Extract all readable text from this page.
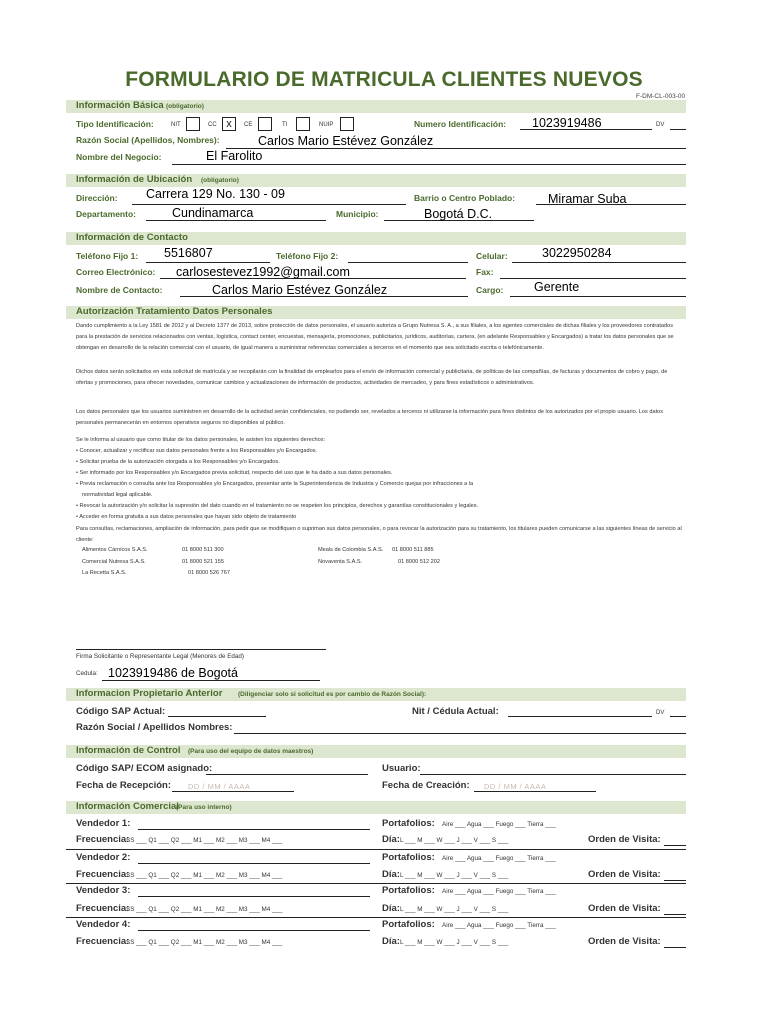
FORMULARIO DE MATRICULA CLIENTES NUEVOS
F-DM-CL-003-00
Información Básica (obligatorio)
Tipo Identificación:	NIT	CC x	CE	TI	NUIP	Numero Identificación: 1023919486	DV
Razón Social (Apellidos, Nombres):	Carlos Mario Estévez González
Nombre del Negocio:	El Farolito
Información de Ubicación (obligatorio)
Dirección: Carrera 129 No. 130 - 09	Barrio o Centro Poblado:	Miramar Suba
Departamento:	Cundinamarca	Municipio:	Bogotá D.C.
Información de Contacto
Teléfono Fijo 1: 5516807	Teléfono Fijo 2:	Celular:	3022950284
Correo Electrónico: carlosestevez1992@gmail.com	Fax:
Nombre de Contacto:	Carlos Mario Estévez González	Cargo: Gerente
Autorización Tratamiento Datos Personales
Dando cumplimiento a la Ley 1581 de 2012 y al Decreto 1377 de 2013, sobre protección de datos personales, el usuario autoriza a Grupo Nutresa S. A., a sus filiales, a los agentes comerciales de dichas filiales y los proveedores contratados para la prestación de servicios relacionados con ventas, logística, contact center, encuestas, mensajería, promociones, publicitarios, jurídicos, auditorías, cartera, (en adelante Responsables y Encargados) a tratar los datos personales que se obtengan en desarrollo de la relación comercial con el usuario, de igual manera a suministrar referencias comerciales a terceros en el momento que sea solicitado escrita o telefónicamente.
Dichos datos serán solicitados en esta solicitud de matrícula y se recopilarán con la finalidad de emplearlos para el envío de información comercial y publicitaria, de políticas de las compañías, de facturas y documentos de cobro y pago, de ofertas y promociones, para ofrecer novedades, comunicar cambios y actualizaciones de información de productos, actividades de mercadeo, y para fines estadísticos o administrativos.
Los datos personales que los usuarios suministren en desarrollo de la actividad serán confidenciales, no pudiendo ser, revelados a terceros ni utilizarse la información para fines distintos de los autorizados por el propio usuario. Los datos personales permanecerán en entornos operativos seguros no disponibles al público.
Se le informa al usuario que como titular de los datos personales, le asisten los siguientes derechos:
• Conocer, actualizar y rectificar sus datos personales frente a los Responsables y/o Encargados.
• Solicitar prueba de la autorización otorgada a los Responsables y/o Encargados.
• Ser informado por los Responsables y/o Encargados previa solicitud, respecto del uso que le ha dado a sus datos personales.
• Previa reclamación o consulta ante los Responsables y/o Encargados, presentar ante la Superintendencia de Industria y Comercio quejas por infracciones a la
normatividad legal aplicable.
• Revocar la autorización y/o solicitar la supresión del dato cuando en el tratamiento no se respeten los principios, derechos y garantías constitucionales y legales.
• Acceder en forma gratuita a sus datos personales que hayan sido objeto de tratamiento
Para consultas, reclamaciones, ampliación de información, para pedir que se modifiquen o supriman sus datos personales, o para revocar la autorización para su tratamiento, los titulares pueden comunicarse a las siguientes líneas de servicio al cliente:
Alimentos Cárnicos S.A.S.	01 8000 511 300	Meals de Colombia S.A.S. 01 8000 511 885
Comercial Nutresa S.A.S.	01 8000 521 155	Novaventa S.A.S.	01 8000 512 202
La Recetta S.A.S.	01 8000 526 767
Firma Solicitante o Representante Legal (Menores de Edad)
Cedula: 1023919486 de Bogotá
Informacion Propietario Anterior (Diligenciar solo si solicitud es por cambio de Razón Social):
Código SAP Actual:	Nit / Cédula Actual:	DV
Razón Social / Apellidos Nombres:
Información de Control (Para uso del equipo de datos maestros)
Código SAP/ ECOM asignado:	Usuario:
Fecha de Recepción: DD / MM / AAAA	Fecha de Creación: DD / MM / AAAA
Información Comercial
(Para uso interno)
Vendedor 1:	Portafolios: Aire ___ Agua ___ Fuego ___ Tierra ___
Frecuencia:
SS ___ Q1 ___ Q2 ___ M1 ___ M2 ___ M3 ___ M4 ___	Día: L ___ M ___ W ___ J ___ V ___ S ___	Orden de Visita:
Vendedor 2:	Portafolios: Aire ___ Agua ___ Fuego ___ Tierra ___
Frecuencia:
SS ___ Q1 ___ Q2 ___ M1 ___ M2 ___ M3 ___ M4 ___	Día: L ___ M ___ W ___ J ___ V ___ S ___	Orden de Visita:
Vendedor 3:	Portafolios: Aire ___ Agua ___ Fuego ___ Tierra ___
Frecuencia:
SS ___ Q1 ___ Q2 ___ M1 ___ M2 ___ M3 ___ M4 ___	Día: L ___ M ___ W ___ J ___ V ___ S ___	Orden de Visita:
Vendedor 4:	Portafolios: Aire ___ Agua ___ Fuego ___ Tierra ___
Frecuencia:
SS ___ Q1 ___ Q2 ___ M1 ___ M2 ___ M3 ___ M4 ___	Día: L ___ M ___ W ___ J ___ V ___ S ___	Orden de Visita:
